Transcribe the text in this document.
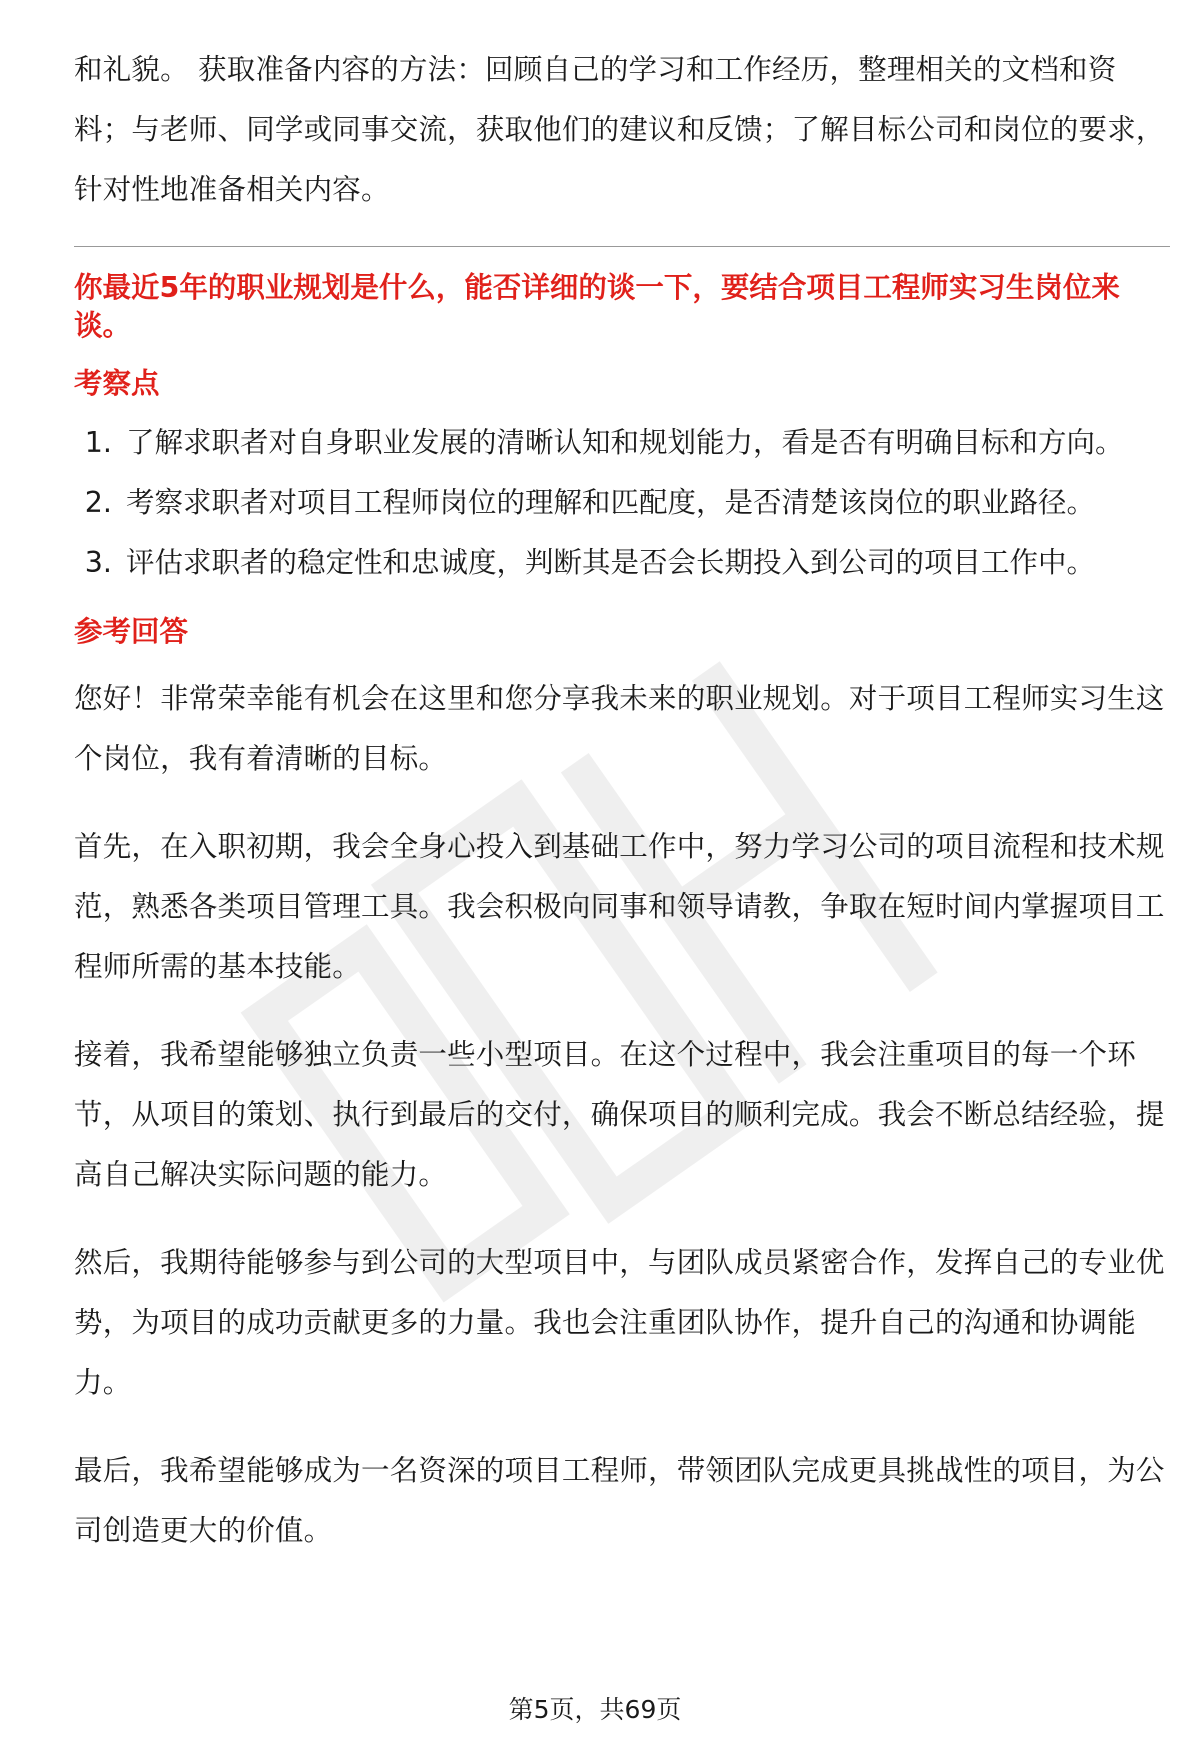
和礼貌。 获取准备内容的方法：回顾自己的学习和工作经历，整理相关的文档和资料；与老师、同学或同事交流，获取他们的建议和反馈；了解目标公司和岗位的要求，针对性地准备相关内容。

你最近5年的职业规划是什么，能否详细的谈一下，要结合项目工程师实习生岗位来谈。

考察点
1. 了解求职者对自身职业发展的清晰认知和规划能力，看是否有明确目标和方向。
2. 考察求职者对项目工程师岗位的理解和匹配度，是否清楚该岗位的职业路径。
3. 评估求职者的稳定性和忠诚度，判断其是否会长期投入到公司的项目工作中。
参考回答

您好！非常荣幸能有机会在这里和您分享我未来的职业规划。对于项目工程师实习生这个岗位，我有着清晰的目标。

首先，在入职初期，我会全身心投入到基础工作中，努力学习公司的项目流程和技术规范，熟悉各类项目管理工具。我会积极向同事和领导请教，争取在短时间内掌握项目工程师所需的基本技能。

接着，我希望能够独立负责一些小型项目。在这个过程中，我会注重项目的每一个环节，从项目的策划、执行到最后的交付，确保项目的顺利完成。我会不断总结经验，提高自己解决实际问题的能力。

然后，我期待能够参与到公司的大型项目中，与团队成员紧密合作，发挥自己的专业优势，为项目的成功贡献更多的力量。我也会注重团队协作，提升自己的沟通和协调能力。

最后，我希望能够成为一名资深的项目工程师，带领团队完成更具挑战性的项目，为公司创造更大的价值。

第5页，共69页
